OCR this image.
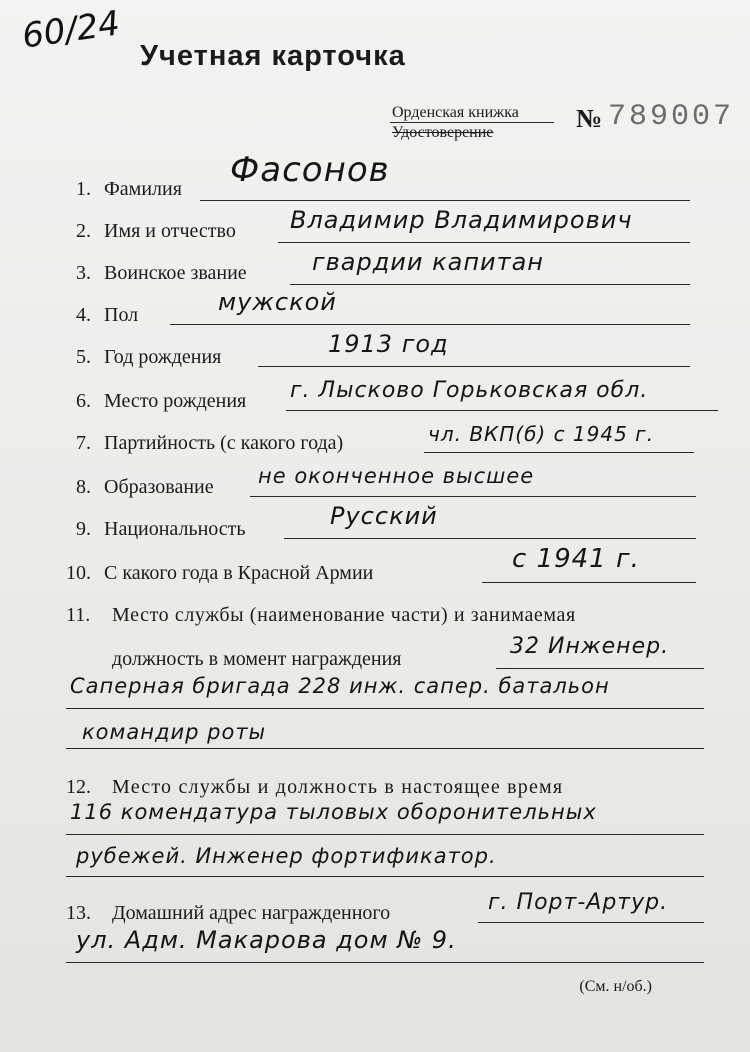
60/24 Учетная карточка
Орденская книжка
Удостоверение	№ 789007
1. Фамилия Фасонов
2. Имя и отчество Владимир Владимирович
3. Воинское звание	гвардии капитан
4. Пол	мужской
5. Год рождения	1913 год
6. Место рождения г. Лысково Горьковская обл.
7. Партийность (с какого года)	чл. ВКП(б) с 1945 г.
8. Образование не оконченное высшее
9. Национальность	Русский
10. С какого года в Красной Армии	с 1941 г.
11. Место службы (наименование части) и занимаемая
должность в момент награждения	32 Инженер.
Саперная бригада 228 инж. сапер. батальон
командир роты
12. Место службы и должность в настоящее время
116 комендатура тыловых оборонительных
рубежей. Инженер фортификатор.
13. Домашний адрес награжденного	г. Порт-Артур.
ул. Адм. Макарова дом № 9.
(См. н/об.)
